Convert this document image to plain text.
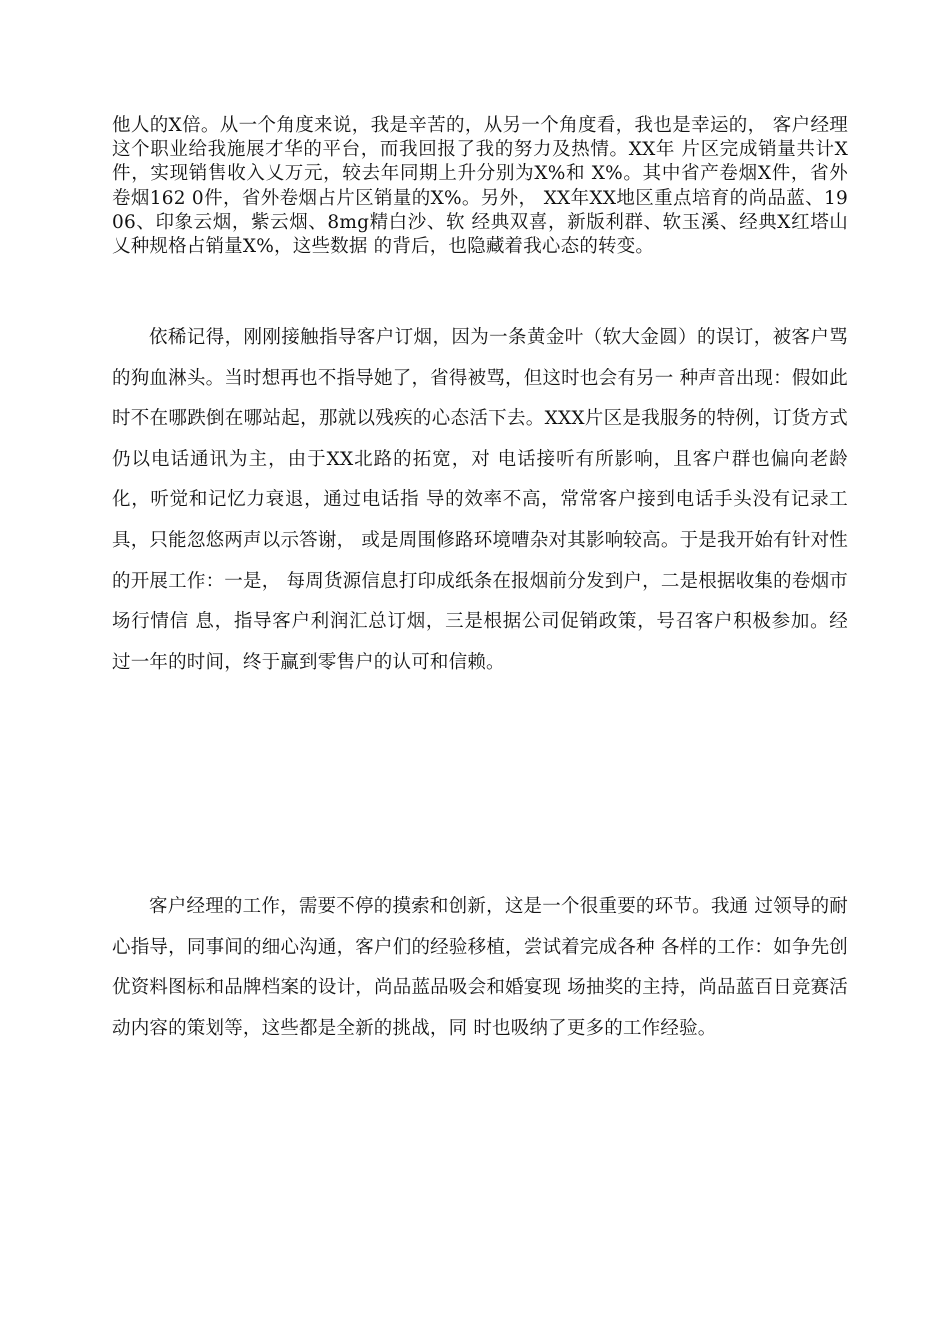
他人的X倍。从一个角度来说，我是辛苦的，从另一个角度看，我也是幸运的， 客户经理这个职业给我施展才华的平台，而我回报了我的努力及热情。XX年 片区完成销量共计X件，实现销售收入乂万元，较去年同期上升分别为X%和 X%。其中省产卷烟X件，省外卷烟162 0件，省外卷烟占片区销量的X%。另外， XX年XX地区重点培育的尚品蓝、1906、印象云烟，紫云烟、8mg精白沙、软 经典双喜，新版利群、软玉溪、经典X红塔山乂种规格占销量X%，这些数据 的背后，也隐藏着我心态的转变。

依稀记得，刚刚接触指导客户订烟，因为一条黄金叶（软大金圆）的误订，被客户骂的狗血淋头。当时想再也不指导她了，省得被骂，但这时也会有另一 种声音出现：假如此时不在哪跌倒在哪站起，那就以残疾的心态活下去。XXX片区是我服务的特例，订货方式仍以电话通讯为主，由于XX北路的拓宽，对 电话接听有所影响，且客户群也偏向老龄化，听觉和记忆力衰退，通过电话指 导的效率不高，常常客户接到电话手头没有记录工具，只能忽悠两声以示答谢， 或是周围修路环境嘈杂对其影响较高。于是我开始有针对性的开展工作：一是， 每周货源信息打印成纸条在报烟前分发到户，二是根据收集的卷烟市场行情信 息，指导客户利润汇总订烟，三是根据公司促销政策，号召客户积极参加。经 过一年的时间，终于赢到零售户的认可和信赖。

客户经理的工作，需要不停的摸索和创新，这是一个很重要的环节。我通 过领导的耐心指导，同事间的细心沟通，客户们的经验移植，尝试着完成各种 各样的工作：如争先创优资料图标和品牌档案的设计，尚品蓝品吸会和婚宴现 场抽奖的主持，尚品蓝百日竞赛活动内容的策划等，这些都是全新的挑战，同 时也吸纳了更多的工作经验。
